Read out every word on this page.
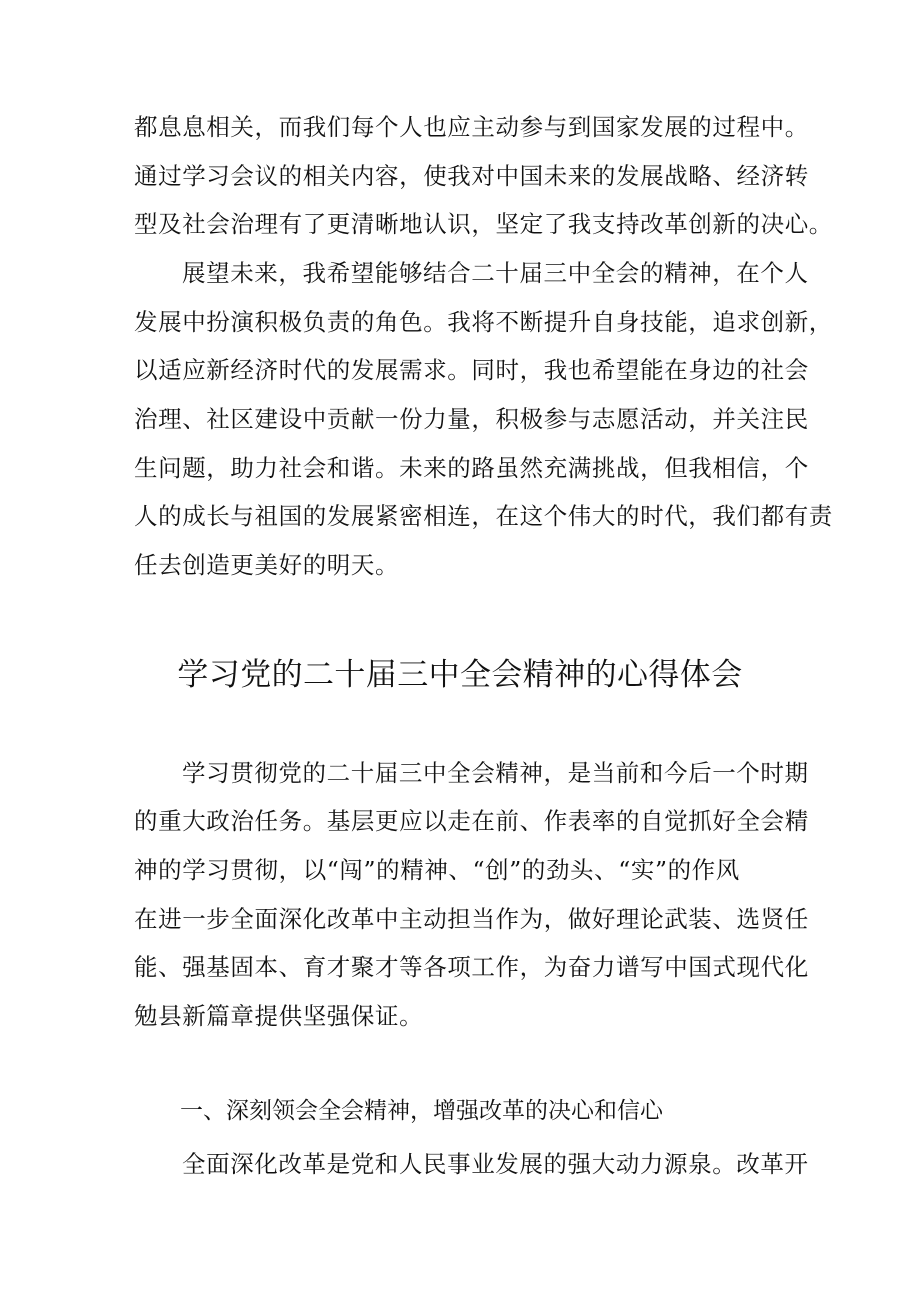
都息息相关，而我们每个人也应主动参与到国家发展的过程中。
通过学习会议的相关内容，使我对中国未来的发展战略、经济转
型及社会治理有了更清晰地认识，坚定了我支持改革创新的决心。
展望未来，我希望能够结合二十届三中全会的精神，在个人
发展中扮演积极负责的角色。我将不断提升自身技能，追求创新，
以适应新经济时代的发展需求。同时，我也希望能在身边的社会
治理、社区建设中贡献一份力量，积极参与志愿活动，并关注民
生问题，助力社会和谐。未来的路虽然充满挑战，但我相信，个
人的成长与祖国的发展紧密相连，在这个伟大的时代，我们都有责
任去创造更美好的明天。
学习党的二十届三中全会精神的心得体会
学习贯彻党的二十届三中全会精神，是当前和今后一个时期
的重大政治任务。基层更应以走在前、作表率的自觉抓好全会精
神的学习贯彻，以“闯”的精神、“创”的劲头、“实”的作风
在进一步全面深化改革中主动担当作为，做好理论武装、选贤任
能、强基固本、育才聚才等各项工作，为奋力谱写中国式现代化
勉县新篇章提供坚强保证。
一、深刻领会全会精神，增强改革的决心和信心
全面深化改革是党和人民事业发展的强大动力源泉。改革开
